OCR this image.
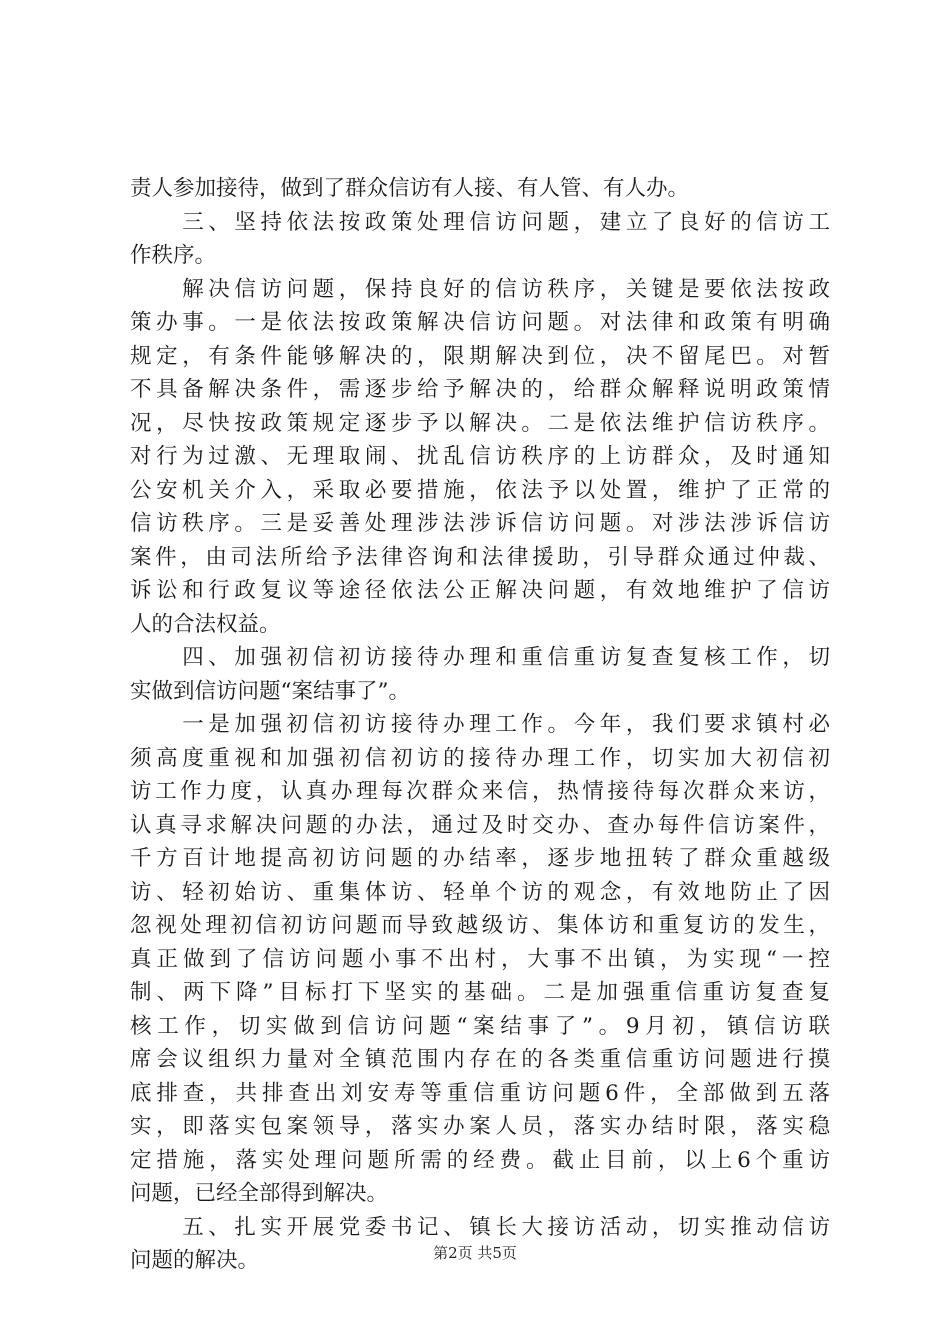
责人参加接待，做到了群众信访有人接、有人管、有人办。
　　三、坚持依法按政策处理信访问题，建立了良好的信访工
作秩序。
　　解决信访问题，保持良好的信访秩序，关键是要依法按政
策办事。一是依法按政策解决信访问题。对法律和政策有明确
规定，有条件能够解决的，限期解决到位，决不留尾巴。对暂
不具备解决条件，需逐步给予解决的，给群众解释说明政策情
况，尽快按政策规定逐步予以解决。二是依法维护信访秩序。
对行为过激、无理取闹、扰乱信访秩序的上访群众，及时通知
公安机关介入，采取必要措施，依法予以处置，维护了正常的
信访秩序。三是妥善处理涉法涉诉信访问题。对涉法涉诉信访
案件，由司法所给予法律咨询和法律援助，引导群众通过仲裁、
诉讼和行政复议等途径依法公正解决问题，有效地维护了信访
人的合法权益。
　　四、加强初信初访接待办理和重信重访复查复核工作，切
实做到信访问题“案结事了”。
　　一是加强初信初访接待办理工作。今年，我们要求镇村必
须高度重视和加强初信初访的接待办理工作，切实加大初信初
访工作力度，认真办理每次群众来信，热情接待每次群众来访，
认真寻求解决问题的办法，通过及时交办、查办每件信访案件，
千方百计地提高初访问题的办结率，逐步地扭转了群众重越级
访、轻初始访、重集体访、轻单个访的观念，有效地防止了因
忽视处理初信初访问题而导致越级访、集体访和重复访的发生，
真正做到了信访问题小事不出村，大事不出镇，为实现“一控
制、两下降”目标打下坚实的基础。二是加强重信重访复查复
核工作，切实做到信访问题“案结事了”。9月初，镇信访联
席会议组织力量对全镇范围内存在的各类重信重访问题进行摸
底排查，共排查出刘安寿等重信重访问题6件，全部做到五落
实，即落实包案领导，落实办案人员，落实办结时限，落实稳
定措施，落实处理问题所需的经费。截止目前，以上6个重访
问题，已经全部得到解决。
　　五、扎实开展党委书记、镇长大接访活动，切实推动信访
问题的解决。	第2页 共5页
